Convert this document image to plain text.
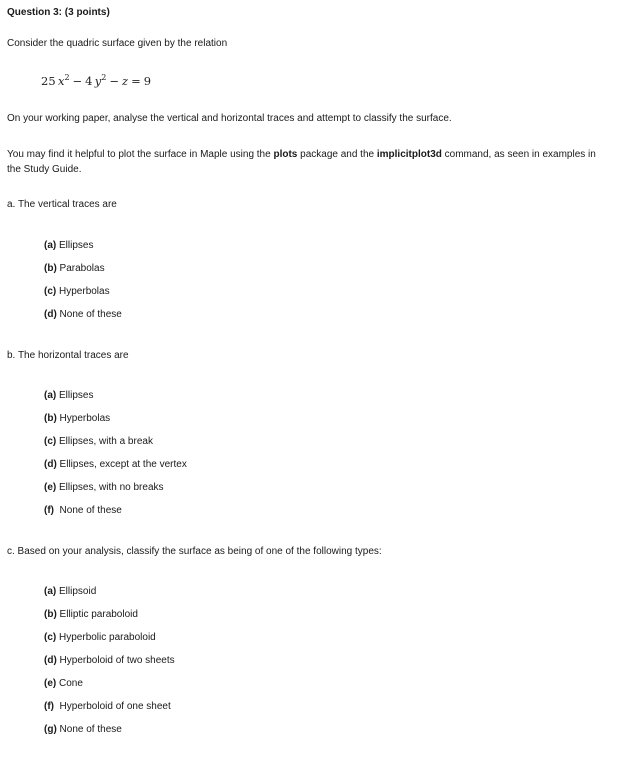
Question 3: (3 points)
Consider the quadric surface given by the relation
25  $x^2 - 4$  $y^2 - z = 9$
On your working paper, analyse the vertical and horizontal traces and attempt to classify the surface.
You may find it helpful to plot the surface in Maple using the plots package and the implicitplot3d command, as seen in examples in the Study Guide.
a. The vertical traces are
(a) Ellipses
(b) Parabolas
(c) Hyperbolas
(d) None of these
b. The horizontal traces are
(a) Ellipses
(b) Hyperbolas
(c) Ellipses, with a break
(d) Ellipses, except at the vertex
(e) Ellipses, with no breaks
(f)  None of these
c. Based on your analysis, classify the surface as being of one of the following types:
(a) Ellipsoid
(b) Elliptic paraboloid
(c) Hyperbolic paraboloid
(d) Hyperboloid of two sheets
(e) Cone
(f)  Hyperboloid of one sheet
(g) None of these
